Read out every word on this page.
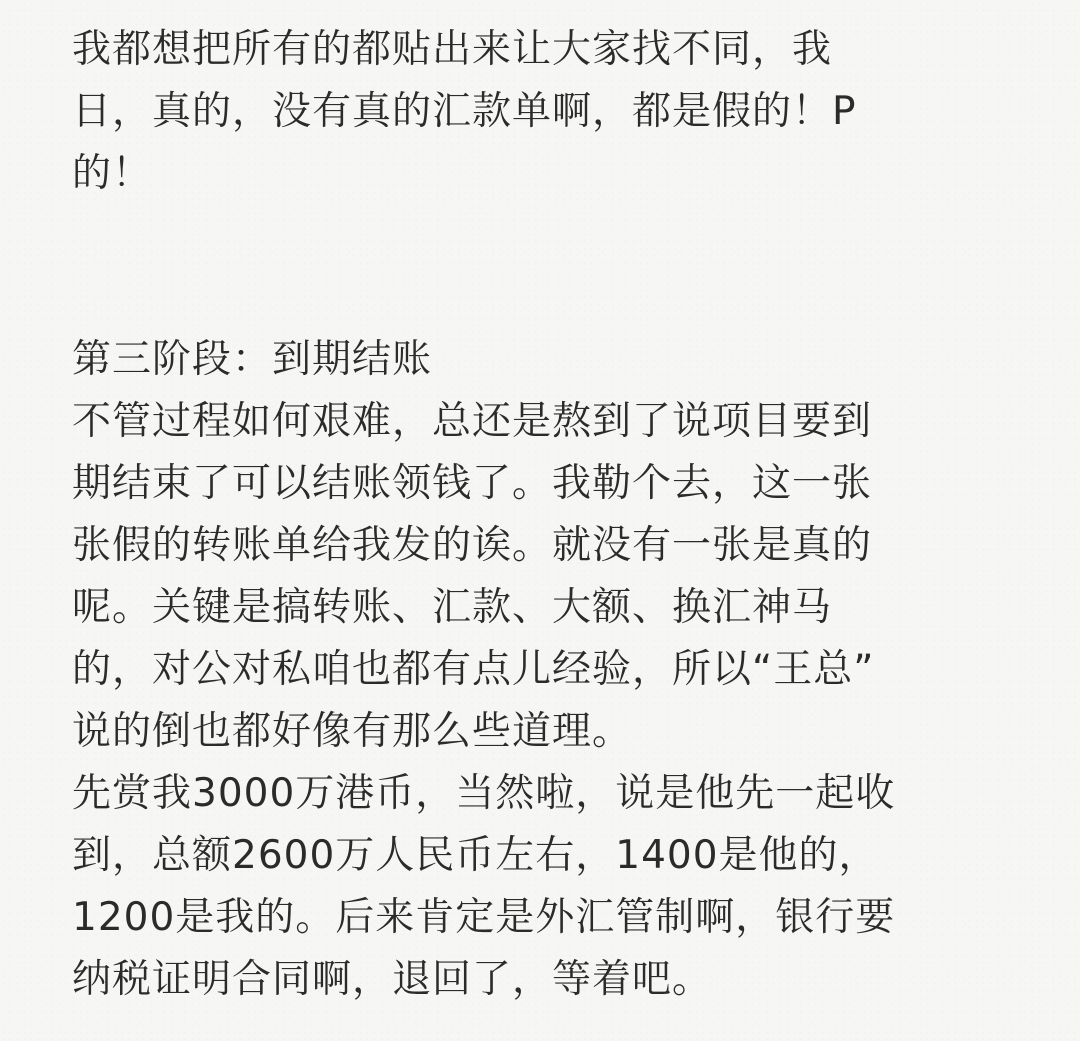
我都想把所有的都贴出来让大家找不同，我
日，真的，没有真的汇款单啊，都是假的！P
的！
第三阶段：到期结账
不管过程如何艰难，总还是熬到了说项目要到
期结束了可以结账领钱了。我勒个去，这一张
张假的转账单给我发的诶。就没有一张是真的
呢。关键是搞转账、汇款、大额、换汇神马
的，对公对私咱也都有点儿经验，所以“王总”
说的倒也都好像有那么些道理。
先赏我3000万港币，当然啦，说是他先一起收
到，总额2600万人民币左右，1400是他的，
1200是我的。后来肯定是外汇管制啊，银行要
纳税证明合同啊，退回了，等着吧。
